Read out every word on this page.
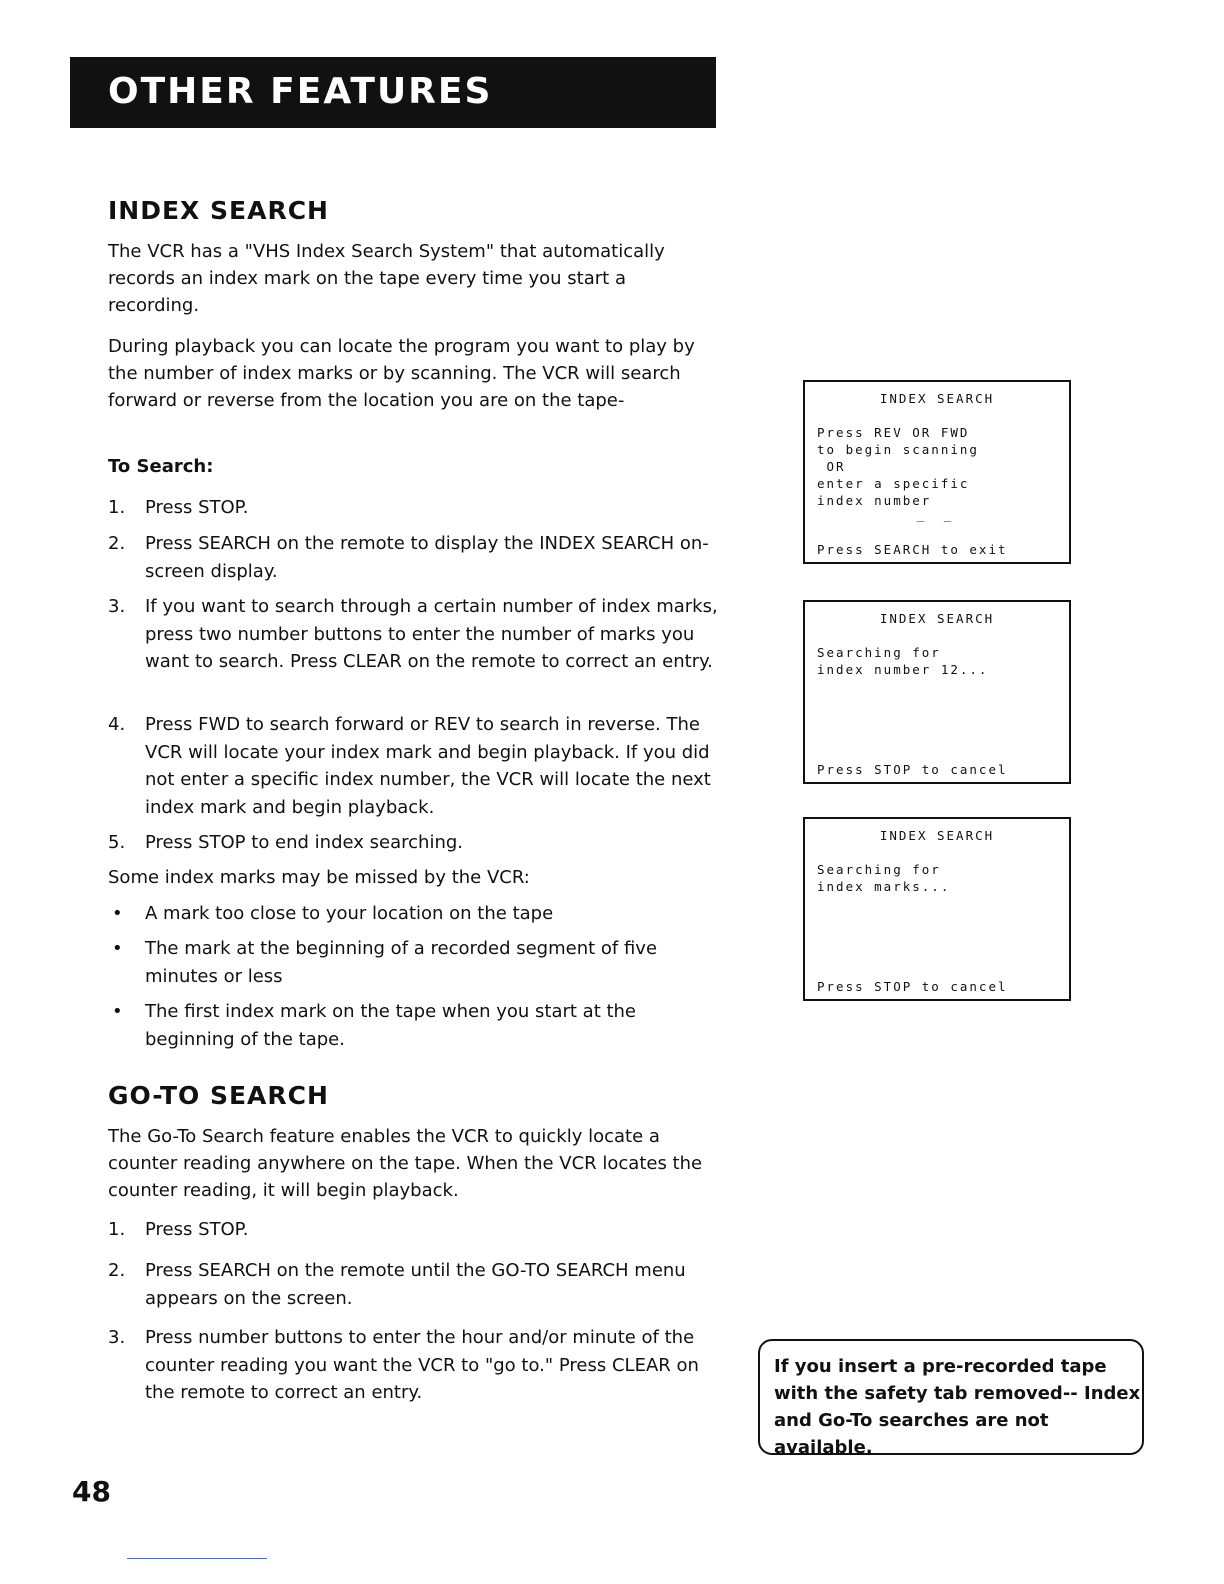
OTHER FEATURES
INDEX SEARCH
The VCR has a "VHS Index Search System" that automatically records an index mark on the tape every time you start a recording.
During playback you can locate the program you want to play by the number of index marks or by scanning. The VCR will search forward or reverse from the location you are on the tape-
To Search:
1. Press STOP.
2. Press SEARCH on the remote to display the INDEX SEARCH on-screen display.
3. If you want to search through a certain number of index marks, press two number buttons to enter the number of marks you want to search. Press CLEAR on the remote to correct an entry.
4. Press FWD to search forward or REV to search in reverse. The VCR will locate your index mark and begin playback. If you did not enter a specific index number, the VCR will locate the next index mark and begin playback.
5. Press STOP to end index searching.
Some index marks may be missed by the VCR:
• A mark too close to your location on the tape
• The mark at the beginning of a recorded segment of five minutes or less
• The first index mark on the tape when you start at the beginning of the tape.
GO-TO SEARCH
The Go-To Search feature enables the VCR to quickly locate a counter reading anywhere on the tape. When the VCR locates the counter reading, it will begin playback.
1. Press STOP.
2. Press SEARCH on the remote until the GO-TO SEARCH menu appears on the screen.
3. Press number buttons to enter the hour and/or minute of the counter reading you want the VCR to "go to." Press CLEAR on the remote to correct an entry.
INDEX SEARCH
Press REV OR FWD
to begin scanning
OR
enter a specific
index number
_ _
Press SEARCH to exit
INDEX SEARCH
Searching for
index number 12...
Press STOP to cancel
INDEX SEARCH
Searching for
index marks...
Press STOP to cancel
If you insert a pre-recorded tape
with the safety tab removed-- Index
and Go-To searches are not available.
48
